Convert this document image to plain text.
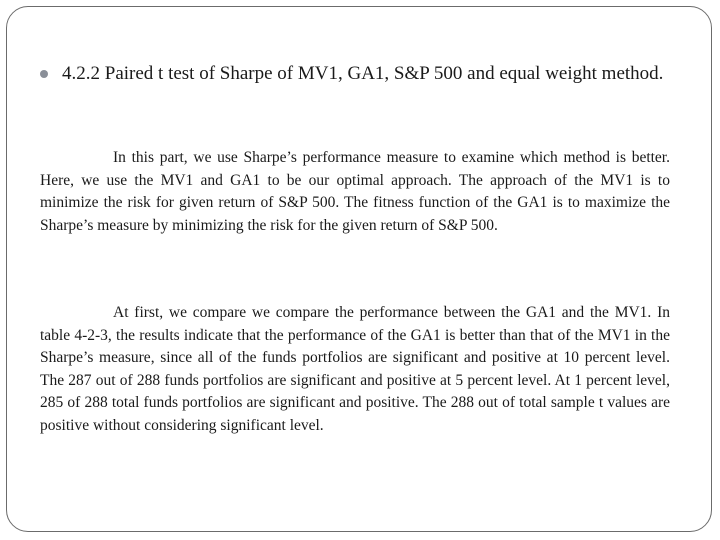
4.2.2 Paired t test of Sharpe of MV1, GA1, S&P 500 and equal weight method.

In this part, we use Sharpe’s performance measure to examine which method is better. Here, we use the MV1 and GA1 to be our optimal approach. The approach of the MV1 is to minimize the risk for given return of S&P 500. The fitness function of the GA1 is to maximize the Sharpe’s measure by minimizing the risk for the given return of S&P 500.

At first, we compare we compare the performance between the GA1 and the MV1. In table 4-2-3, the results indicate that the performance of the GA1 is better than that of the MV1 in the Sharpe’s measure, since all of the funds portfolios are significant and positive at 10 percent level. The 287 out of 288 funds portfolios are significant and positive at 5 percent level. At 1 percent level, 285 of 288 total funds portfolios are significant and positive. The 288 out of total sample t values are positive without considering significant level.
